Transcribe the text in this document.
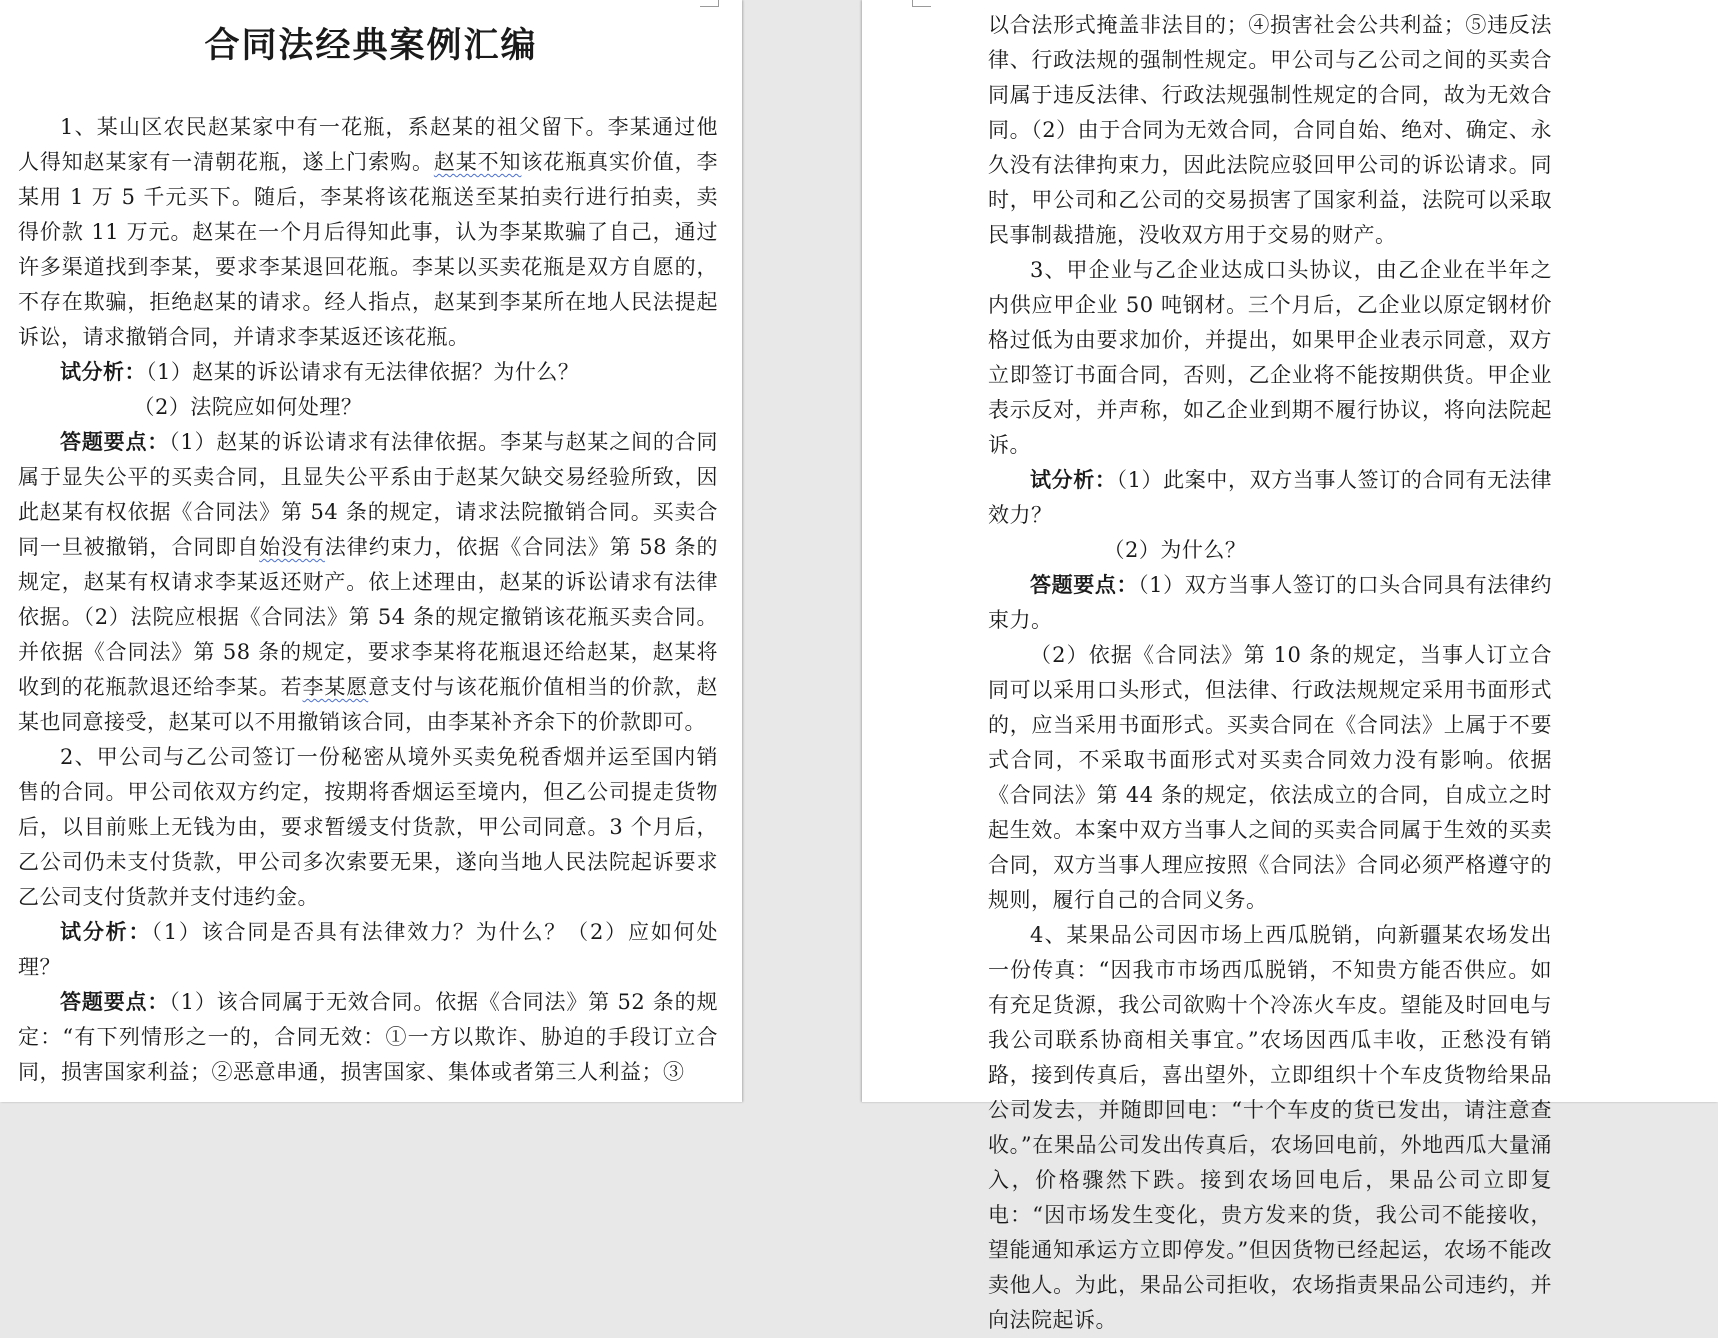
合同法经典案例汇编

1、某山区农民赵某家中有一花瓶，系赵某的祖父留下。李某通过他人得知赵某家有一清朝花瓶，遂上门索购。赵某不知该花瓶真实价值，李某用 1 万 5 千元买下。随后，李某将该花瓶送至某拍卖行进行拍卖，卖得价款 11 万元。赵某在一个月后得知此事，认为李某欺骗了自己，通过许多渠道找到李某，要求李某退回花瓶。李某以买卖花瓶是双方自愿的，不存在欺骗，拒绝赵某的请求。经人指点，赵某到李某所在地人民法提起诉讼，请求撤销合同，并请求李某返还该花瓶。

试分析：（1）赵某的诉讼请求有无法律依据？为什么？

（2）法院应如何处理？

答题要点：（1）赵某的诉讼请求有法律依据。李某与赵某之间的合同属于显失公平的买卖合同，且显失公平系由于赵某欠缺交易经验所致，因此赵某有权依据《合同法》第 54 条的规定，请求法院撤销合同。买卖合同一旦被撤销，合同即自始没有法律约束力，依据《合同法》第 58 条的规定，赵某有权请求李某返还财产。依上述理由，赵某的诉讼请求有法律依据。（2）法院应根据《合同法》第 54 条的规定撤销该花瓶买卖合同。并依据《合同法》第 58 条的规定，要求李某将花瓶退还给赵某，赵某将收到的花瓶款退还给李某。若李某愿意支付与该花瓶价值相当的价款，赵某也同意接受，赵某可以不用撤销该合同，由李某补齐余下的价款即可。

2、甲公司与乙公司签订一份秘密从境外买卖免税香烟并运至国内销售的合同。甲公司依双方约定，按期将香烟运至境内，但乙公司提走货物后，以目前账上无钱为由，要求暂缓支付货款，甲公司同意。3 个月后，乙公司仍未支付货款，甲公司多次索要无果，遂向当地人民法院起诉要求乙公司支付货款并支付违约金。

试分析：（1）该合同是否具有法律效力？为什么？（2）应如何处理？

答题要点：（1）该合同属于无效合同。依据《合同法》第 52 条的规定：“有下列情形之一的，合同无效：①一方以欺诈、胁迫的手段订立合同，损害国家利益；②恶意串通，损害国家、集体或者第三人利益；③

以合法形式掩盖非法目的；④损害社会公共利益；⑤违反法律、行政法规的强制性规定。甲公司与乙公司之间的买卖合同属于违反法律、行政法规强制性规定的合同，故为无效合同。（2）由于合同为无效合同，合同自始、绝对、确定、永久没有法律拘束力，因此法院应驳回甲公司的诉讼请求。同时，甲公司和乙公司的交易损害了国家利益，法院可以采取民事制裁措施，没收双方用于交易的财产。

3、甲企业与乙企业达成口头协议，由乙企业在半年之内供应甲企业 50 吨钢材。三个月后，乙企业以原定钢材价格过低为由要求加价，并提出，如果甲企业表示同意，双方立即签订书面合同，否则，乙企业将不能按期供货。甲企业表示反对，并声称，如乙企业到期不履行协议，将向法院起诉。

试分析：（1）此案中，双方当事人签订的合同有无法律效力？

（2）为什么？

答题要点：（1）双方当事人签订的口头合同具有法律约束力。

（2）依据《合同法》第 10 条的规定，当事人订立合同可以采用口头形式，但法律、行政法规规定采用书面形式的，应当采用书面形式。买卖合同在《合同法》上属于不要式合同，不采取书面形式对买卖合同效力没有影响。依据《合同法》第 44 条的规定，依法成立的合同，自成立之时起生效。本案中双方当事人之间的买卖合同属于生效的买卖合同，双方当事人理应按照《合同法》合同必须严格遵守的规则，履行自己的合同义务。

4、某果品公司因市场上西瓜脱销，向新疆某农场发出一份传真：“因我市市场西瓜脱销，不知贵方能否供应。如有充足货源，我公司欲购十个冷冻火车皮。望能及时回电与我公司联系协商相关事宜。”农场因西瓜丰收，正愁没有销路，接到传真后，喜出望外，立即组织十个车皮货物给果品公司发去，并随即回电：“十个车皮的货已发出，请注意查收。”在果品公司发出传真后，农场回电前，外地西瓜大量涌入，价格骤然下跌。接到农场回电后，果品公司立即复电：“因市场发生变化，贵方发来的货，我公司不能接收，望能通知承运方立即停发。”但因货物已经起运，农场不能改卖他人。为此，果品公司拒收，农场指责果品公司违约，并向法院起诉。
